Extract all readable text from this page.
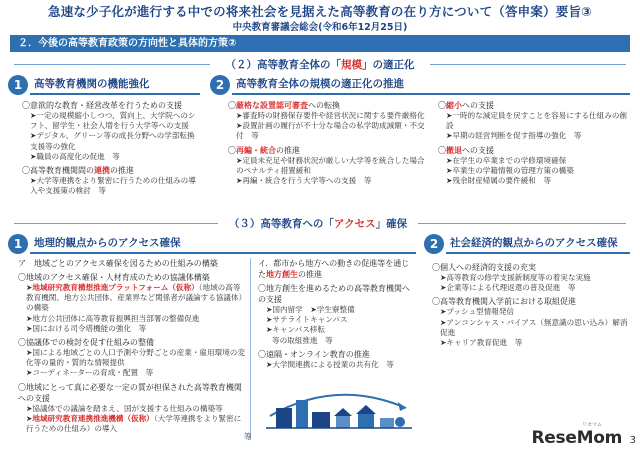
急速な少子化が進行する中での将来社会を見据えた高等教育の在り方について（答申案）要旨③
中央教育審議会総会(令和6年12月25日)
２．今後の高等教育政策の方向性と具体的方策②
（２）高等教育全体の「規模」の適正化
1	高等教育機関の機能強化
〇意欲的な教育・経営改革を行うための支援
➤一定の規模縮小しつつ、質向上、大学院へのシフト、留学生・社会人増を行う大学等への支援
➤デジタル、グリーン等の成長分野への学部転換支援等の強化
➤職員の高度化の促進　等
〇高等教育機関間の連携の推進
➤大学等連携をより緊密に行うための仕組みの導入や支援策の検討　等
2	高等教育全体の規模の適正化の推進
〇厳格な設置認可審査への転換
➤審査時の財務保存要件や経営状況に関する要件厳格化
➤設置計画の履行が不十分な場合の私学助成減額・不交付　等
〇再編・統合の推進
➤定員未充足や財務状況が厳しい大学等を統合した場合のペナルティ措置緩和
➤再編・統合を行う大学等への支援　等
〇縮小への支援
➤一時的な減定員を戻すことを容易にする仕組みの創設
➤早期の経営判断を促す指導の強化　等
〇撤退への支援
➤在学生の卒業までの学修環境確保
➤卒業生の学籍情報の管理方策の構築
➤残余財産帰属の要件緩和　等
（３）高等教育への「アクセス」確保
1	地理的観点からのアクセス確保
ア　地域ごとのアクセス確保を図るための仕組みの構築
〇地域のアクセス確保・人材育成のための協議体構築
➤地域研究教育構想推進プラットフォーム（仮称）（地域の高等教育機関、地方公共団体、産業界など関係者が議論する協議体）の構築
➤地方公共団体に高等教育振興担当部署の整備促進
➤国における司令塔機能の強化　等
〇協議体での検討を促す仕組みの整備
➤国による地域ごとの人口予測や分野ごとの産業・雇用環境の変化等の量的・質的な情報提供
➤コーディネーターの育成・配置　等
〇地域にとって真に必要な一定の質が担保された高等教育機関への支援
➤協議体での議論を踏まえ、国が支援する仕組みの構築等
➤地域研究教育連携推進機構（仮称）（大学等連携をより緊密に行うための仕組み）の導入
イ．都市から地方への動きの促進等を通じた地方創生の推進
〇地方創生を進めるための高等教育機関への支援
➤国内留学　➤学生寮整備
➤サテライトキャンパス
➤キャンパス移転
等の取組推進　等
〇遠隔・オンライン教育の推進
➤大学間連携による授業の共有化　等
等
2	社会経済的観点からのアクセス確保
〇個人への経済的支援の充実
➤高等教育の修学支援新制度等の着実な実施
➤企業等による代理返還の普及促進　等
〇高等教育機関入学前における取組促進
➤プッシュ型情報発信
➤アンコンシャス・バイアス（無意識の思い込み）解消促進
➤キャリア教育促進　等
リセマム
ReseMom 3
